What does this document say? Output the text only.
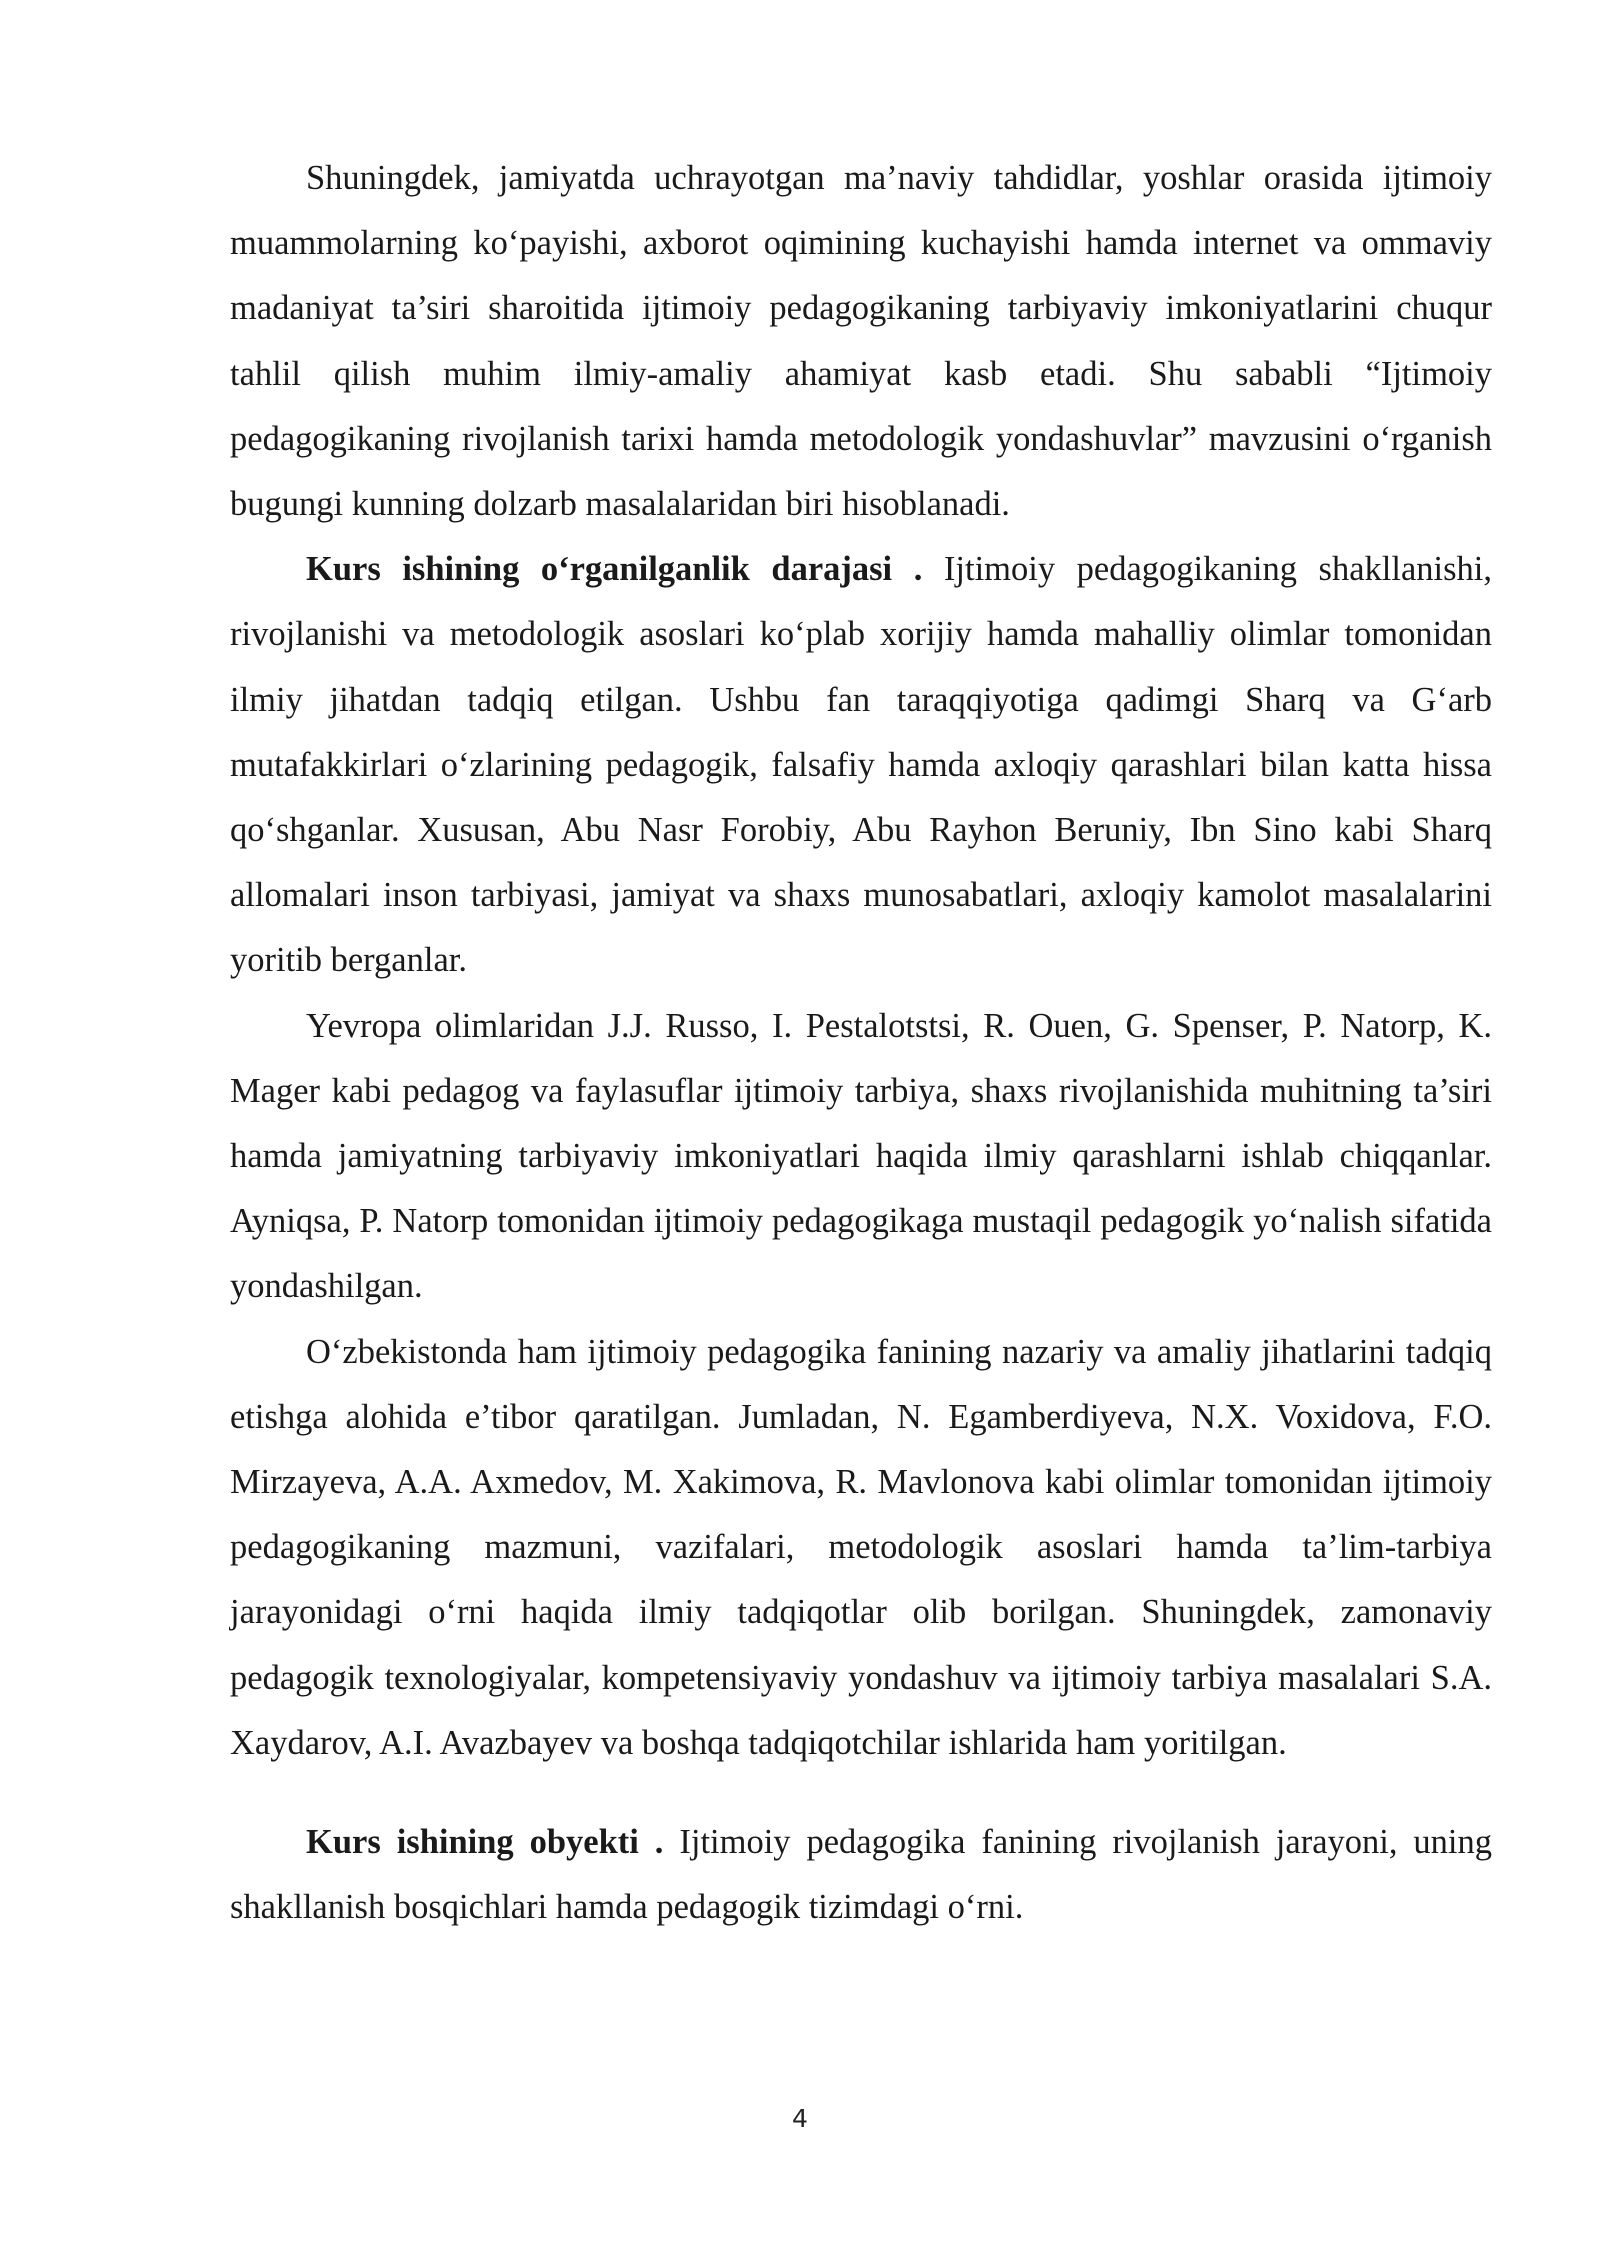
Shuningdek, jamiyatda uchrayotgan ma’naviy tahdidlar, yoshlar orasida ijtimoiy muammolarning ko‘payishi, axborot oqimining kuchayishi hamda internet va ommaviy madaniyat ta’siri sharoitida ijtimoiy pedagogikaning tarbiyaviy imkoniyatlarini chuqur tahlil qilish muhim ilmiy-amaliy ahamiyat kasb etadi. Shu sababli “Ijtimoiy pedagogikaning rivojlanish tarixi hamda metodologik yondashuvlar” mavzusini o‘rganish bugungi kunning dolzarb masalalaridan biri hisoblanadi.

Kurs ishining o‘rganilganlik darajasi . Ijtimoiy pedagogikaning shakllanishi, rivojlanishi va metodologik asoslari ko‘plab xorijiy hamda mahalliy olimlar tomonidan ilmiy jihatdan tadqiq etilgan. Ushbu fan taraqqiyotiga qadimgi Sharq va G‘arb mutafakkirlari o‘zlarining pedagogik, falsafiy hamda axloqiy qarashlari bilan katta hissa qo‘shganlar. Xususan, Abu Nasr Forobiy, Abu Rayhon Beruniy, Ibn Sino kabi Sharq allomalari inson tarbiyasi, jamiyat va shaxs munosabatlari, axloqiy kamolot masalalarini yoritib berganlar.

Yevropa olimlaridan J.J. Russo, I. Pestalotstsi, R. Ouen, G. Spenser, P. Natorp, K. Mager kabi pedagog va faylasuflar ijtimoiy tarbiya, shaxs rivojlanishida muhitning ta’siri hamda jamiyatning tarbiyaviy imkoniyatlari haqida ilmiy qarashlarni ishlab chiqqanlar. Ayniqsa, P. Natorp tomonidan ijtimoiy pedagogikaga mustaqil pedagogik yo‘nalish sifatida yondashilgan.

O‘zbekistonda ham ijtimoiy pedagogika fanining nazariy va amaliy jihatlarini tadqiq etishga alohida e’tibor qaratilgan. Jumladan, N. Egamberdiyeva, N.X. Voxidova, F.O. Mirzayeva, A.A. Axmedov, M. Xakimova, R. Mavlonova kabi olimlar tomonidan ijtimoiy pedagogikaning mazmuni, vazifalari, metodologik asoslari hamda ta’lim-tarbiya jarayonidagi o‘rni haqida ilmiy tadqiqotlar olib borilgan. Shuningdek, zamonaviy pedagogik texnologiyalar, kompetensiyaviy yondashuv va ijtimoiy tarbiya masalalari S.A. Xaydarov, A.I. Avazbayev va boshqa tadqiqotchilar ishlarida ham yoritilgan.

Kurs ishining obyekti . Ijtimoiy pedagogika fanining rivojlanish jarayoni, uning shakllanish bosqichlari hamda pedagogik tizimdagi o‘rni.

4
